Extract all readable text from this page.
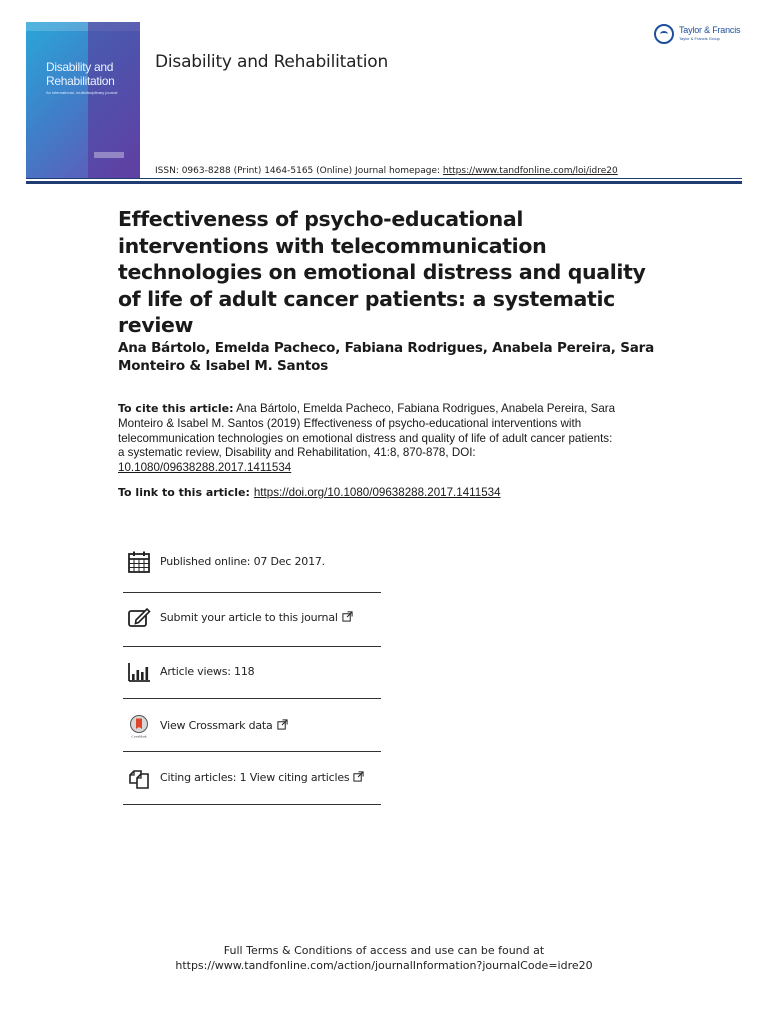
Disability and Rehabilitation
An international, multidisciplinary journal
Disability and Rehabilitation
Taylor & Francis
Taylor & Francis Group
ISSN: 0963-8288 (Print) 1464-5165 (Online) Journal homepage: https://www.tandfonline.com/loi/idre20
Effectiveness of psycho-educational interventions with telecommunication technologies on emotional distress and quality of life of adult cancer patients: a systematic review
Ana Bártolo, Emelda Pacheco, Fabiana Rodrigues, Anabela Pereira, Sara Monteiro & Isabel M. Santos
To cite this article: Ana Bártolo, Emelda Pacheco, Fabiana Rodrigues, Anabela Pereira, Sara Monteiro & Isabel M. Santos (2019) Effectiveness of psycho-educational interventions with telecommunication technologies on emotional distress and quality of life of adult cancer patients: a systematic review, Disability and Rehabilitation, 41:8, 870-878, DOI: 10.1080/09638288.2017.1411534
To link to this article: https://doi.org/10.1080/09638288.2017.1411534
Published online: 07 Dec 2017.
Submit your article to this journal
Article views: 118
CrossMark
View Crossmark data
Citing articles: 1 View citing articles
Full Terms & Conditions of access and use can be found at
https://www.tandfonline.com/action/journalInformation?journalCode=idre20
